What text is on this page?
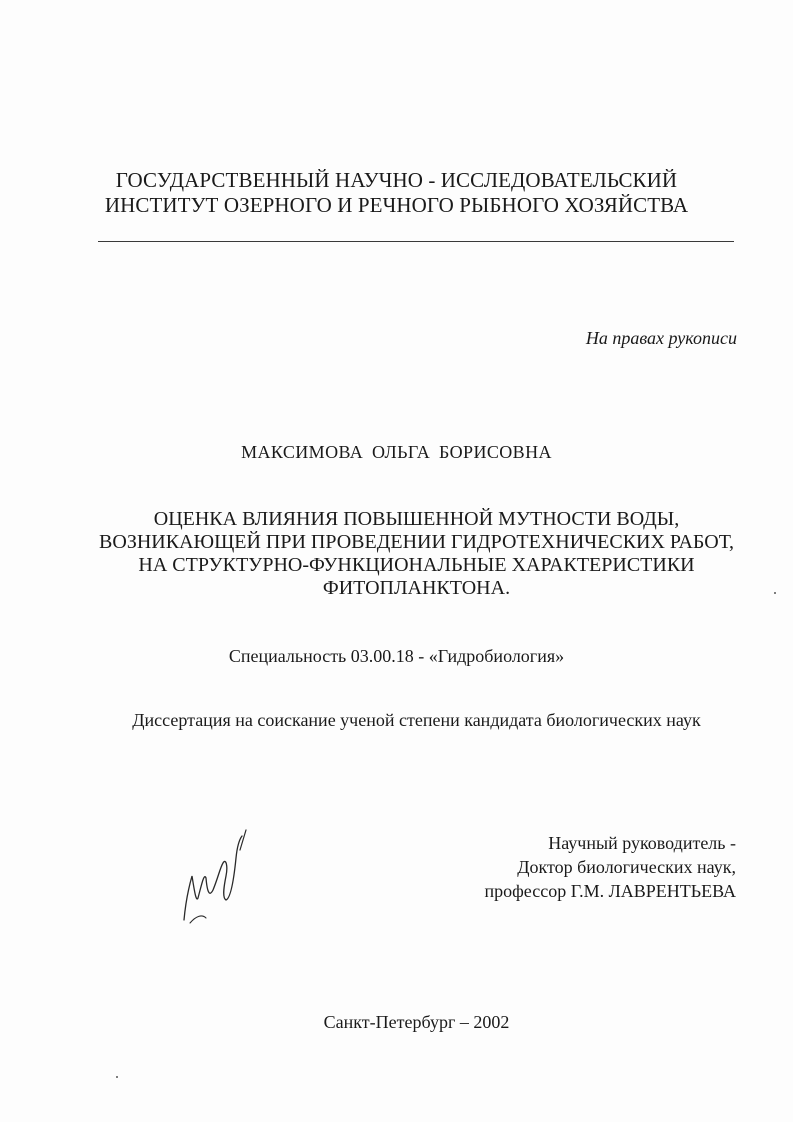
ГОСУДАРСТВЕННЫЙ НАУЧНО - ИССЛЕДОВАТЕЛЬСКИЙ
ИНСТИТУТ ОЗЕРНОГО И РЕЧНОГО РЫБНОГО ХОЗЯЙСТВА
На правах рукописи
МАКСИМОВА ОЛЬГА БОРИСОВНА
ОЦЕНКА ВЛИЯНИЯ ПОВЫШЕННОЙ МУТНОСТИ ВОДЫ,
ВОЗНИКАЮЩЕЙ ПРИ ПРОВЕДЕНИИ ГИДРОТЕХНИЧЕСКИХ РАБОТ,
НА СТРУКТУРНО-ФУНКЦИОНАЛЬНЫЕ ХАРАКТЕРИСТИКИ
ФИТОПЛАНКТОНА.
Специальность 03.00.18 - «Гидробиология»
Диссертация на соискание ученой степени кандидата биологических наук
Научный руководитель -
Доктор биологических наук,
профессор Г.М. ЛАВРЕНТЬЕВА
Санкт-Петербург – 2002
